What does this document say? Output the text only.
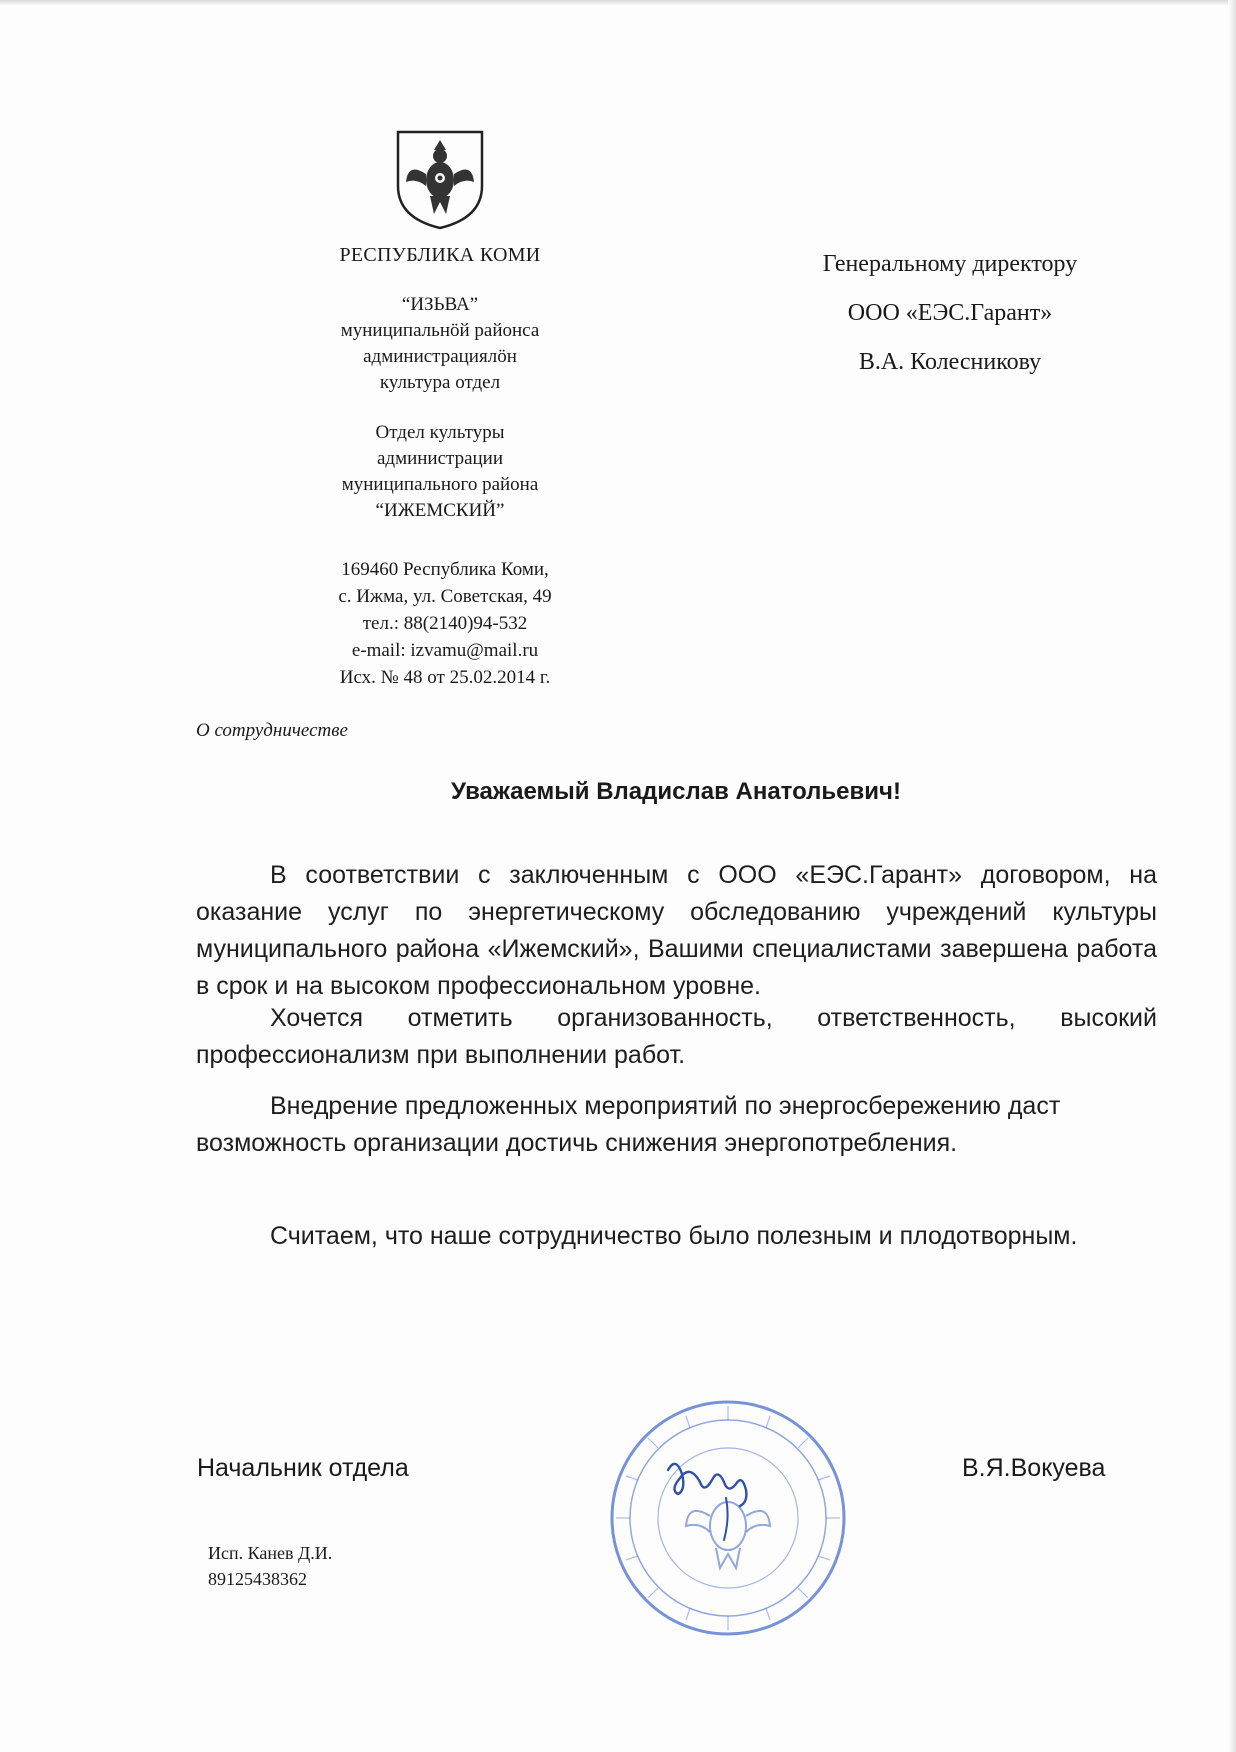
РЕСПУБЛИКА КОМИ
“ИЗЬВА”
муниципальнӧй районса
администрациялӧн
культура отдел
Отдел культуры
администрации
муниципального района
“ИЖЕМСКИЙ”
169460 Республика Коми,
с. Ижма, ул. Советская, 49
тел.: 88(2140)94-532
e-mail: izvamu@mail.ru
Исх. № 48 от 25.02.2014 г.
Генеральному директору
ООО «ЕЭС.Гарант»
В.А. Колесникову
О сотрудничестве
Уважаемый Владислав Анатольевич!
В соответствии с заключенным с ООО «ЕЭС.Гарант» договором, на оказание услуг по энергетическому обследованию учреждений культуры муниципального района «Ижемский», Вашими специалистами завершена работа в срок и на высоком профессиональном уровне.
Хочется отметить организованность, ответственность, высокий профессионализм при выполнении работ.
Внедрение предложенных мероприятий по энергосбережению даст возможность организации достичь снижения энергопотребления.
Считаем, что наше сотрудничество было полезным и плодотворным.
Начальник отдела	В.Я.Вокуева
Исп. Канев Д.И.
89125438362
